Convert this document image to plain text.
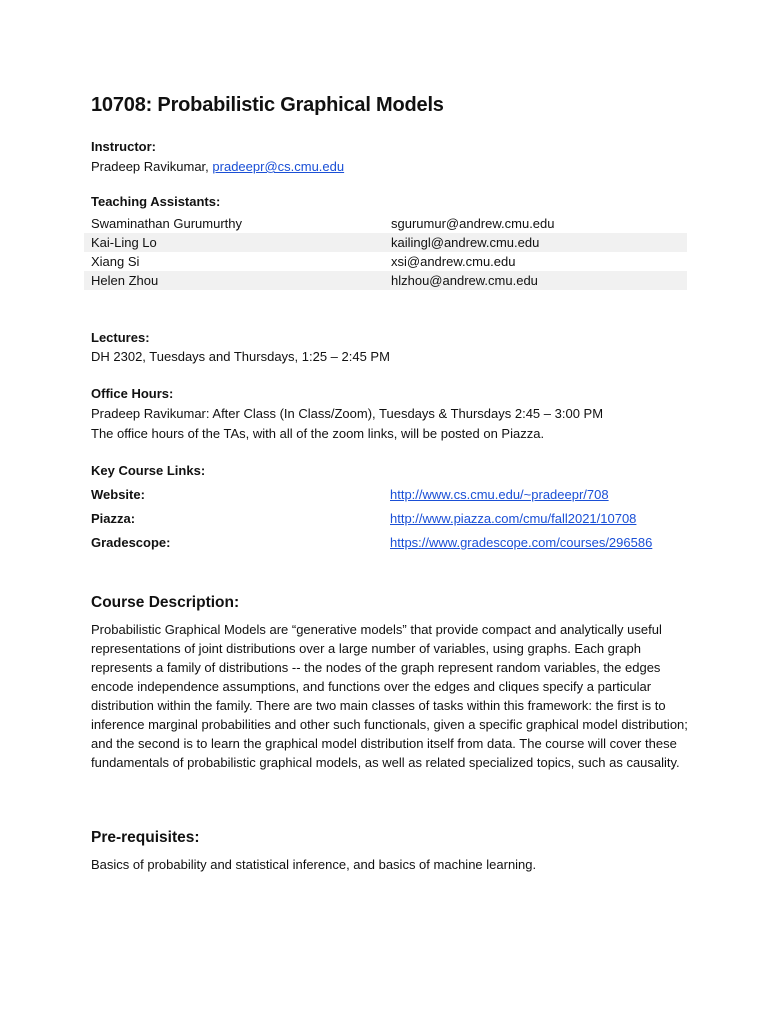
10708: Probabilistic Graphical Models
Instructor:
Pradeep Ravikumar, pradeepr@cs.cmu.edu
Teaching Assistants:
Swaminathan Gurumurthy	sgurumur@andrew.cmu.edu
Kai-Ling Lo	kailingl@andrew.cmu.edu
Xiang Si	xsi@andrew.cmu.edu
Helen Zhou	hlzhou@andrew.cmu.edu
Lectures:
DH 2302, Tuesdays and Thursdays, 1:25 – 2:45 PM
Office Hours:
Pradeep Ravikumar: After Class (In Class/Zoom), Tuesdays & Thursdays 2:45 – 3:00 PM
The office hours of the TAs, with all of the zoom links, will be posted on Piazza.
Key Course Links:
Website:	http://www.cs.cmu.edu/~pradeepr/708
Piazza:	http://www.piazza.com/cmu/fall2021/10708
Gradescope:	https://www.gradescope.com/courses/296586
Course Description:

Probabilistic Graphical Models are “generative models” that provide compact and analytically useful representations of joint distributions over a large number of variables, using graphs. Each graph represents a family of distributions -- the nodes of the graph represent random variables, the edges encode independence assumptions, and functions over the edges and cliques specify a particular distribution within the family. There are two main classes of tasks within this framework: the first is to inference marginal probabilities and other such functionals, given a specific graphical model distribution; and the second is to learn the graphical model distribution itself from data. The course will cover these fundamentals of probabilistic graphical models, as well as related specialized topics, such as causality.

Pre-requisites:

Basics of probability and statistical inference, and basics of machine learning.
